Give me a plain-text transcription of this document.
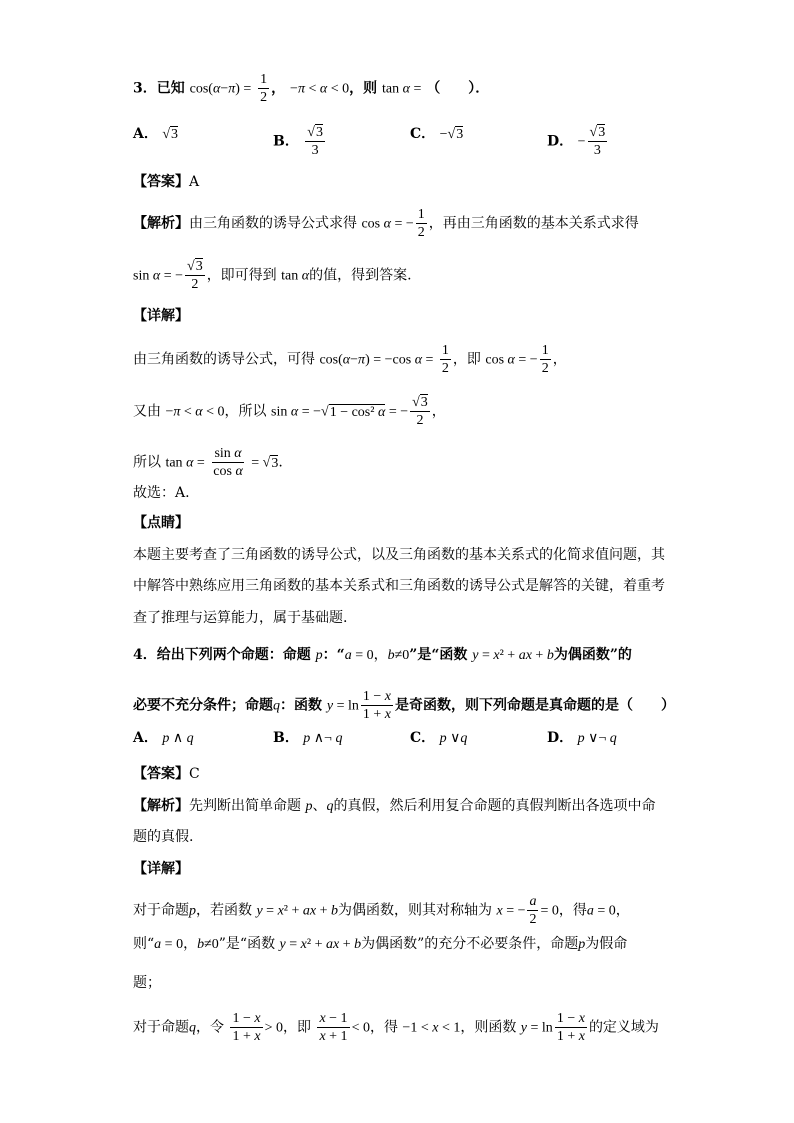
3．已知 $\cos(\alpha-\pi) = \frac{1}{2}$ ， −π < α < 0，则 tan α = （　　）．
A． √3	B． $\frac{√3}{3}$	C． −√3	D． − $\frac{√3}{3}$
【答案】A
【解析】由三角函数的诱导公式求得 cos α = − $\frac{1}{2}$ ，再由三角函数的基本关系式求得
sin α = − $\frac{√3}{2}$ ，即可得到 tan α的值，得到答案.
【详解】
由三角函数的诱导公式，可得 cos(α−π) = −cos $\alpha = \frac{1}{2}$ ，即 cos α = − $\frac{1}{2}$ ，
又由 −π < α < 0，所以 sin α = −√1 − cos² α = − $\frac{√3}{2}$ ，
所以 $\tan \alpha = \frac{\text{sin α}}{\text{cos α}} = √3$.
故选：A.
【点睛】
本题主要考查了三角函数的诱导公式，以及三角函数的基本关系式的化简求值问题，其
中解答中熟练应用三角函数的基本关系式和三角函数的诱导公式是解答的关键，着重考
查了推理与运算能力，属于基础题.
4．给出下列两个命题：命题 p：“a = 0，b≠0”是“函数 y = x² + ax + b为偶函数”的
必要不充分条件；命题q：函数 $y = \ln \frac{1 - x}{1 + x}$ 是奇函数，则下列命题是真命题的是（　　）
A． p ∧ q	B． p ∧¬ q	C． p ∨q	D． p ∨¬ q
【答案】C
【解析】先判断出简单命题 p、q的真假，然后利用复合命题的真假判断出各选项中命
题的真假.
【详解】
对于命题p，若函数 y = x² + ax + b为偶函数，则其对称轴为 x = − $\frac{a}{2} = 0$，得a = 0，
则“a = 0，b≠0”是“函数 y = x² + ax + b为偶函数”的充分不必要条件，命题p为假命
题；
对于命题q，令 $\frac{1 - x}{1 + x} > 0$，即 $\frac{x - 1}{x + 1} < 0$，得 −1 < x < 1，则函数 $y = \ln \frac{1 - x}{1 + x}$ 的定义域为
